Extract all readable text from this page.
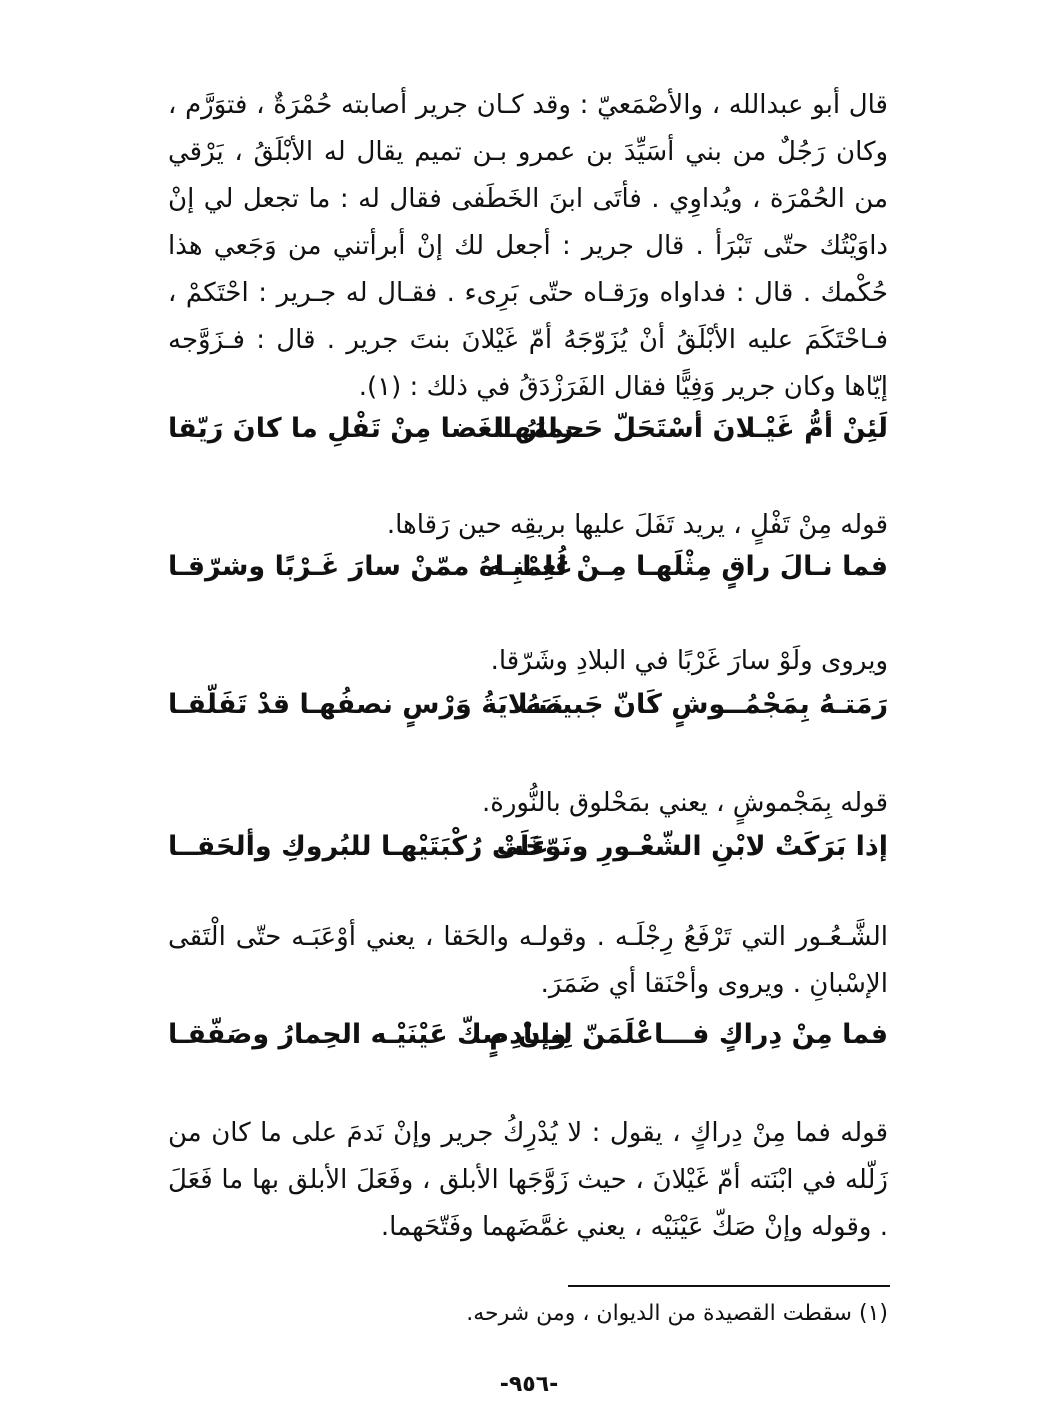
قال أبو عبدالله ، والأصْمَعيّ : وقد كـان جرير أصابته حُمْرَةٌ ، فتوَرَّم ، وكان رَجُلٌ من بني أسَيِّدَ بن عمرو بـن تميم يقال له الأبْلَقُ ، يَرْقي من الحُمْرَة ، ويُداوِي . فأتَى ابنَ الخَطَفى فقال له : ما تجعل لي إنْ داوَيْتُك حتّى تَبْرَأ . قال جرير : أجعل لك إنْ أبرأتني من وَجَعي هذا حُكْمك . قال : فداواه ورَقـاه حتّى بَرِىء . فقـال له جـرير : احْتَكمْ ، فـاحْتَكَمَ عليه الأبْلَقُ أنْ يُزَوّجَهُ أمّ غَيْلانَ بنتَ جرير . قال : فـزَوَّجه إيّاها وكان جرير وَفِيًّا فقال الفَرَزْدَقُ في ذلك : (١).

لَئِنْ أمُّ غَيْـلانَ أسْتَحَلّ حَـرامَهـا
حمارُ الغَضا مِنْ تَفْلِ ما كانَ رَيّقا

قوله مِنْ تَفْلٍ ، يريد تَفَلَ عليها بريقِه حين رَقاها.

فما نـالَ راقٍ مِثْلَهـا مِـنْ لُعـابِـه
عَلِمْنـاهُ ممّنْ سارَ غَـرْبًا وشرّقـا

ويروى ولَوْ سارَ غَرْبًا في البلادِ وشَرّقا.

رَمَتـهُ بِمَجْمُــوشٍ كَانّ جَبينَـهُ
صَـلايَةُ وَرْسٍ نصفُهـا قدْ تَفَلّقـا

قوله بِمَجْموشٍ ، يعني بمَحْلوق بالنُّورة.

إذا بَرَكَتْ لابْنِ الشّعْـورِ ونَوّخَتْ
عَلَى رُكْبَتَيْهـا للبُروكِ وألحَقــا

الشَّـعُـور التي تَرْفَعُ رِجْلَـه . وقولـه والحَقا ، يعني أوْعَبَـه حتّى الْتَقى الإسْبانِ . ويروى وأحْنَقا أي ضَمَرَ.

فما مِنْ دِراكٍ فـــاعْلَمَنّ لِنــادِمٍ
وإنْ صكّ عَيْنَيْـه الحِمارُ وصَفّقـا

قوله فما مِنْ دِراكٍ ، يقول : لا يُدْرِكُ جرير وإنْ نَدمَ على ما كان من زَلّله في ابْنَته أمّ غَيْلانَ ، حيث زَوَّجَها الأبلق ، وفَعَلَ الأبلق بها ما فَعَلَ . وقوله وإنْ صَكّ عَيْنَيْه ، يعني غمَّضَهما وفَتّحَهما.

(١) سقطت القصيدة من الديوان ، ومن شرحه.
-٩٥٦-
